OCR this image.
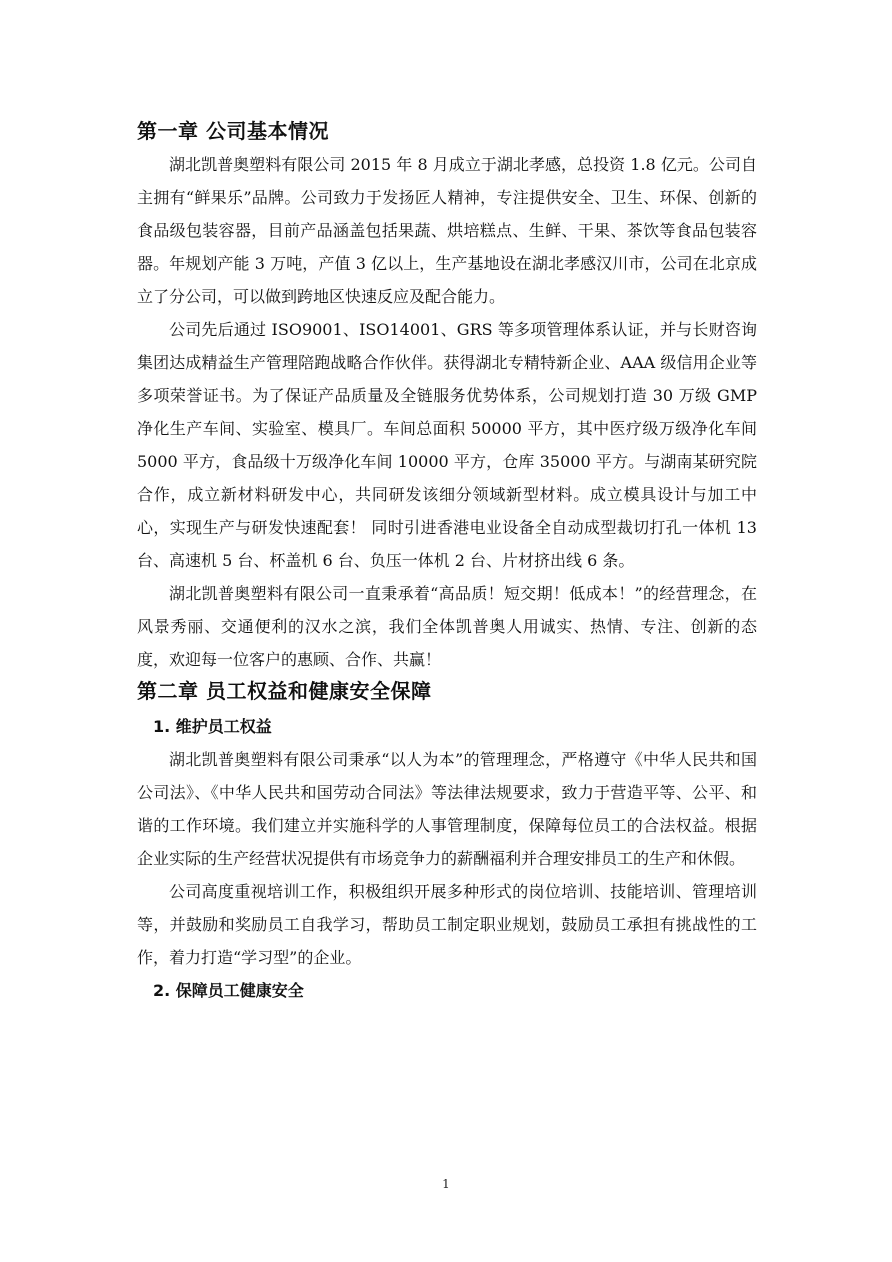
第一章 公司基本情况

湖北凯普奥塑料有限公司 2015 年 8 月成立于湖北孝感，总投资 1.8 亿元。公司自主拥有“鲜果乐”品牌。公司致力于发扬匠人精神，专注提供安全、卫生、环保、创新的食品级包装容器，目前产品涵盖包括果蔬、烘培糕点、生鲜、干果、茶饮等食品包装容器。年规划产能 3 万吨，产值 3 亿以上，生产基地设在湖北孝感汉川市，公司在北京成立了分公司，可以做到跨地区快速反应及配合能力。

公司先后通过 ISO9001、ISO14001、GRS 等多项管理体系认证，并与长财咨询集团达成精益生产管理陪跑战略合作伙伴。获得湖北专精特新企业、AAA 级信用企业等多项荣誉证书。为了保证产品质量及全链服务优势体系，公司规划打造 30 万级 GMP 净化生产车间、实验室、模具厂。车间总面积 50000 平方，其中医疗级万级净化车间 5000 平方，食品级十万级净化车间 10000 平方，仓库 35000 平方。与湖南某研究院合作，成立新材料研发中心，共同研发该细分领域新型材料。成立模具设计与加工中心，实现生产与研发快速配套！ 同时引进香港电业设备全自动成型裁切打孔一体机 13 台、高速机 5 台、杯盖机 6 台、负压一体机 2 台、片材挤出线 6 条。

湖北凯普奥塑料有限公司一直秉承着“高品质！短交期！低成本！”的经营理念，在风景秀丽、交通便利的汉水之滨，我们全体凯普奥人用诚实、热情、专注、创新的态度，欢迎每一位客户的惠顾、合作、共赢！

第二章 员工权益和健康安全保障
1. 维护员工权益

湖北凯普奥塑料有限公司秉承“以人为本”的管理理念，严格遵守《中华人民共和国公司法》、《中华人民共和国劳动合同法》等法律法规要求，致力于营造平等、公平、和谐的工作环境。我们建立并实施科学的人事管理制度，保障每位员工的合法权益。根据企业实际的生产经营状况提供有市场竞争力的薪酬福利并合理安排员工的生产和休假。

公司高度重视培训工作，积极组织开展多种形式的岗位培训、技能培训、管理培训等，并鼓励和奖励员工自我学习，帮助员工制定职业规划，鼓励员工承担有挑战性的工作，着力打造“学习型”的企业。

2. 保障员工健康安全
1
